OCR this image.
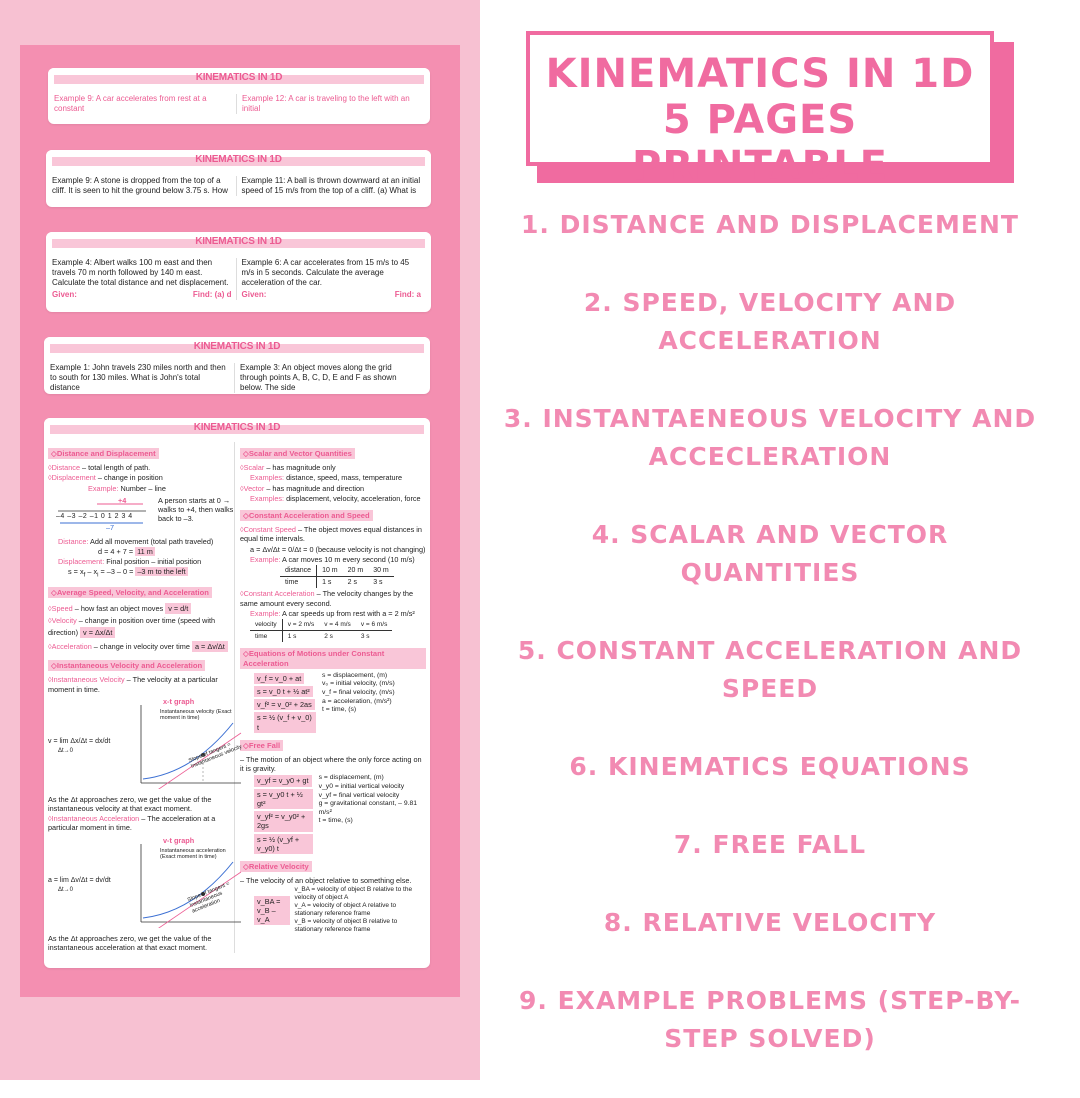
KINEMATICS IN 1D
Example 9: A car accelerates from rest at a constant
Example 12: A car is traveling to the left with an initial
KINEMATICS IN 1D
Example 9: A stone is dropped from the top of a cliff. It is seen to hit the ground below 3.75 s. How
Example 11: A ball is thrown downward at an initial speed of 15 m/s from the top of a cliff. (a) What is
KINEMATICS IN 1D
Example 4: Albert walks 100 m east and then travels 70 m north followed by 140 m east. Calculate the total distance and net displacement.
Given:	Find: (a) d
Example 6: A car accelerates from 15 m/s to 45 m/s in 5 seconds. Calculate the average acceleration of the car.
Given:	Find: a
KINEMATICS IN 1D
Example 1: John travels 230 miles north and then to south for 130 miles. What is John's total distance
Example 3: An object moves along the grid through points A, B, C, D, E and F as shown below. The side
KINEMATICS IN 1D
◇ Distance and Displacement
◊Distance – total length of path.
◊Displacement – change in position
Example: Number – line
+4
–4 –3 –2 –1 0 1 2 3 4
–7
A person starts at 0 → walks to +4, then walks back to –3.
Distance: Add all movement (total path traveled)
d = 4 + 7 = 11 m
Displacement: Final position – initial position
$s = x_f - x_i = -3 - 0 = -3$ m to the left
◇ Average Speed, Velocity, and Acceleration
◊Speed – how fast an object moves v = d/t
◊Velocity – change in position over time (speed with direction) v = Δx/Δt
◊Acceleration – change in velocity over time a = Δv/Δt
◇ Instantaneous Velocity and Acceleration
◊Instantaneous Velocity – The velocity at a particular moment in time.
v = lim Δx/Δt = dx/dt
Δt→0
x-t graph
Instantaneous velocity (Exact moment in time)
Slope of tangent = Instantaneous velocity
As the Δt approaches zero, we get the value of the instantaneous velocity at that exact moment.
◊Instantaneous Acceleration – The acceleration at a particular moment in time.
a = lim Δv/Δt = dv/dt
Δt→0
v-t graph
Instantaneous acceleration (Exact moment in time)
Slope of tangent = Instantaneous acceleration
As the Δt approaches zero, we get the value of the instantaneous acceleration at that exact moment.
◇ Scalar and Vector Quantities
◊Scalar – has magnitude only
Examples: distance, speed, mass, temperature
◊Vector – has magnitude and direction
Examples: displacement, velocity, acceleration, force
◇ Constant Acceleration and Speed
◊Constant Speed – The object moves equal distances in equal time intervals.
a = Δv/Δt = 0/Δt = 0 (because velocity is not changing)
Example: A car moves 10 m every second (10 m/s)
distance	10 m	20 m	30 m
time	1 s	2 s	3 s
◊Constant Acceleration – The velocity changes by the same amount every second.
Example: A car speeds up from rest with a = 2 m/s²
velocity	v = 2 m/s	v = 4 m/s	v = 6 m/s
time	1 s	2 s	3 s
◇ Equations of Motions under Constant Acceleration
v_f = v_0 + at s = v_0 t + ½ at² v_f² = v_0² + 2as s = ½ (v_f + v_0) t
s = displacement, (m)
v₀ = initial velocity, (m/s)
v_f = final velocity, (m/s)
a = acceleration, (m/s²)
t = time, (s)
◇ Free Fall
– The motion of an object where the only force acting on it is gravity.
v_yf = v_y0 + gt s = v_y0 t + ½ gt² v_yf² = v_y0² + 2gs s = ½ (v_yf + v_y0) t
s = displacement, (m)
v_y0 = initial vertical velocity
v_yf = final vertical velocity
g = gravitational constant, – 9.81 m/s²
t = time, (s)
◇ Relative Velocity
– The velocity of an object relative to something else.
v_BA = v_B – v_A
v_BA = velocity of object B relative to the velocity of object A
v_A = velocity of object A relative to stationary reference frame
v_B = velocity of object B relative to stationary reference frame
KINEMATICS IN 1D
5 PAGES PRINTABLE
1. DISTANCE AND DISPLACEMENT
2. SPEED, VELOCITY AND ACCELERATION
3. INSTANTAENEOUS VELOCITY AND ACCECLERATION
4. SCALAR AND VECTOR QUANTITIES
5. CONSTANT ACCELERATION AND SPEED
6. KINEMATICS EQUATIONS
7. FREE FALL
8. RELATIVE VELOCITY
9. EXAMPLE PROBLEMS (STEP-BY-STEP SOLVED)
